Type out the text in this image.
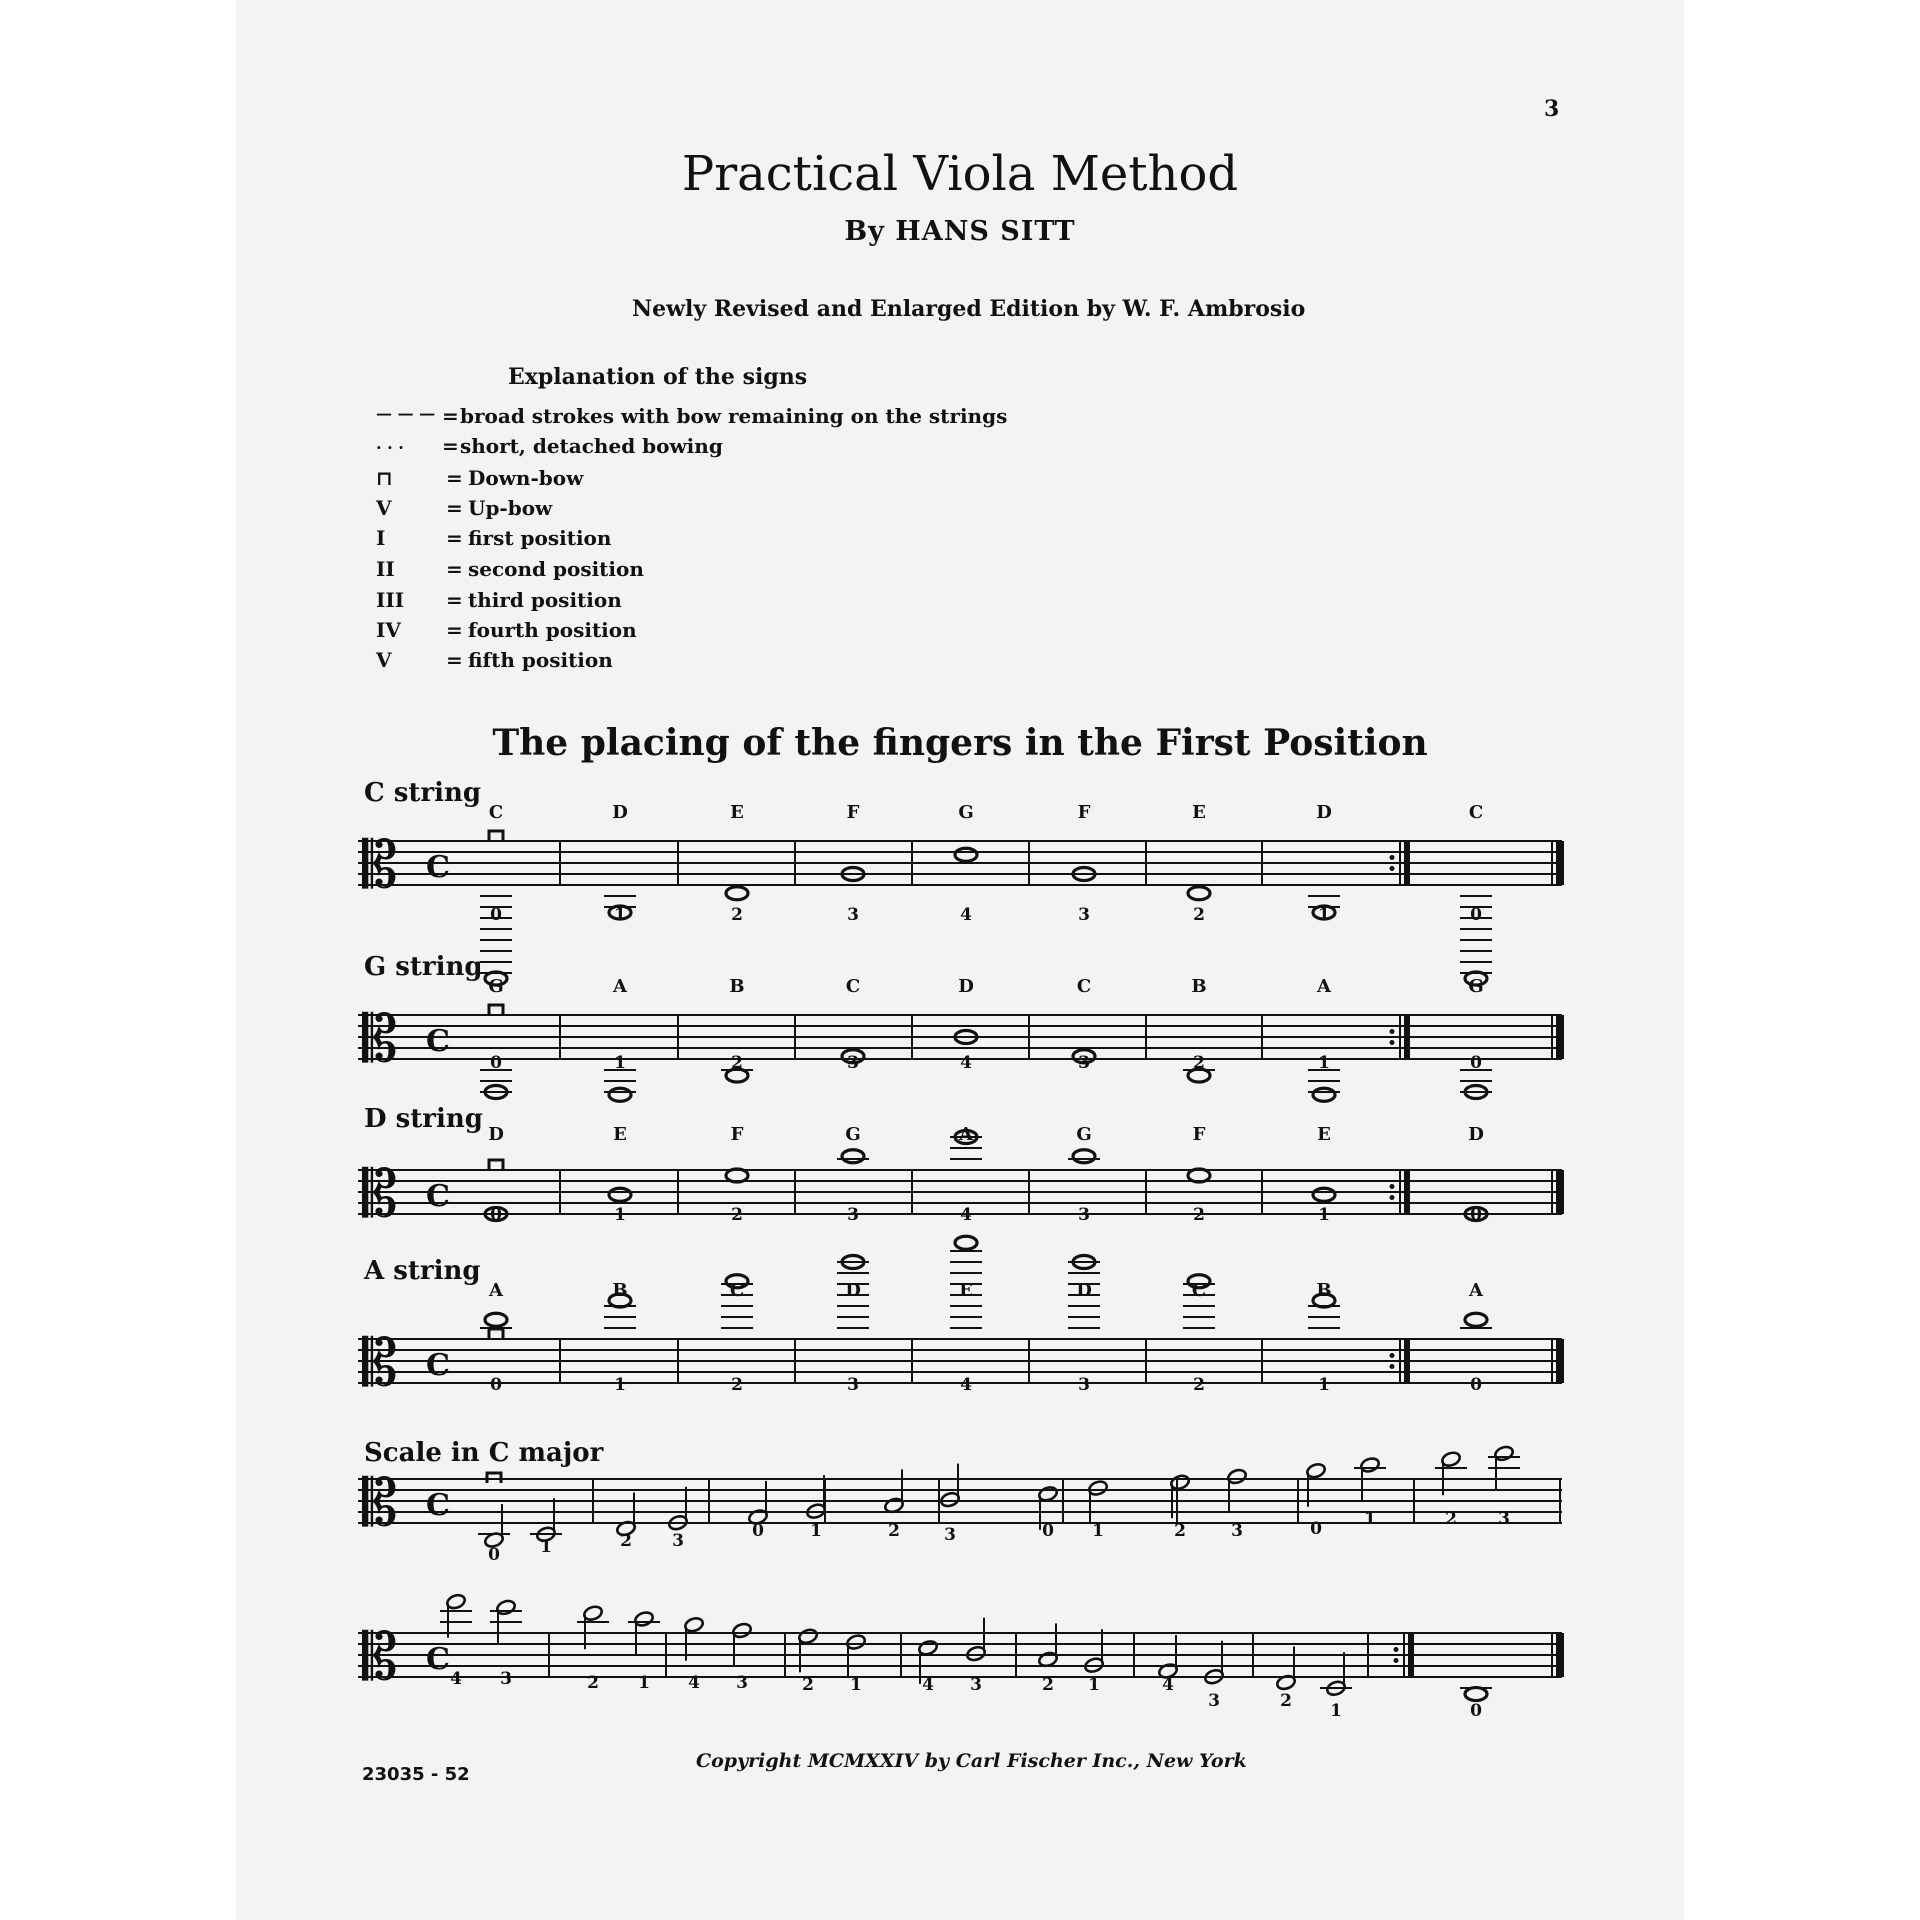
3
Practical Viola Method
By HANS SITT
Newly Revised and Enlarged Edition by W. F. Ambrosio
Explanation of the signs
— — — = broad strokes with bow remaining on the strings
. . .	= short, detached bowing
⊓	= Down-bow
V	= Up-bow
I	= first position
II	= second position
III	= third position
IV	= fourth position
V	= fifth position
The placing of the fingers in the First Position
C string
G string
D string
A string
Scale in C major
𝄡 C
C
0
D
1
E
2
F
3
G
4
F
3
E
2
D
1
C
0
𝄡 C
G
0
A
1
B
2
C
3
D
4
C
3
B
2
A
1
G
0
𝄡 C
D
0
E
1
F
2
G
3
A
4
G
3
F
2
E
1
D
0
𝄡 C
A
0
B
1
C
2
D
3
E
4
D
3
C
2
B
1
A
0
𝄡 C
0 1	2 3	0	1	2	3	0 1	2	3	0 1	2 3
𝄡 C
4 3	2 1 4 3	2 1	4 3	2 1	4
3	2 1	0
23035 - 52
Copyright MCMXXIV by Carl Fischer Inc., New York
